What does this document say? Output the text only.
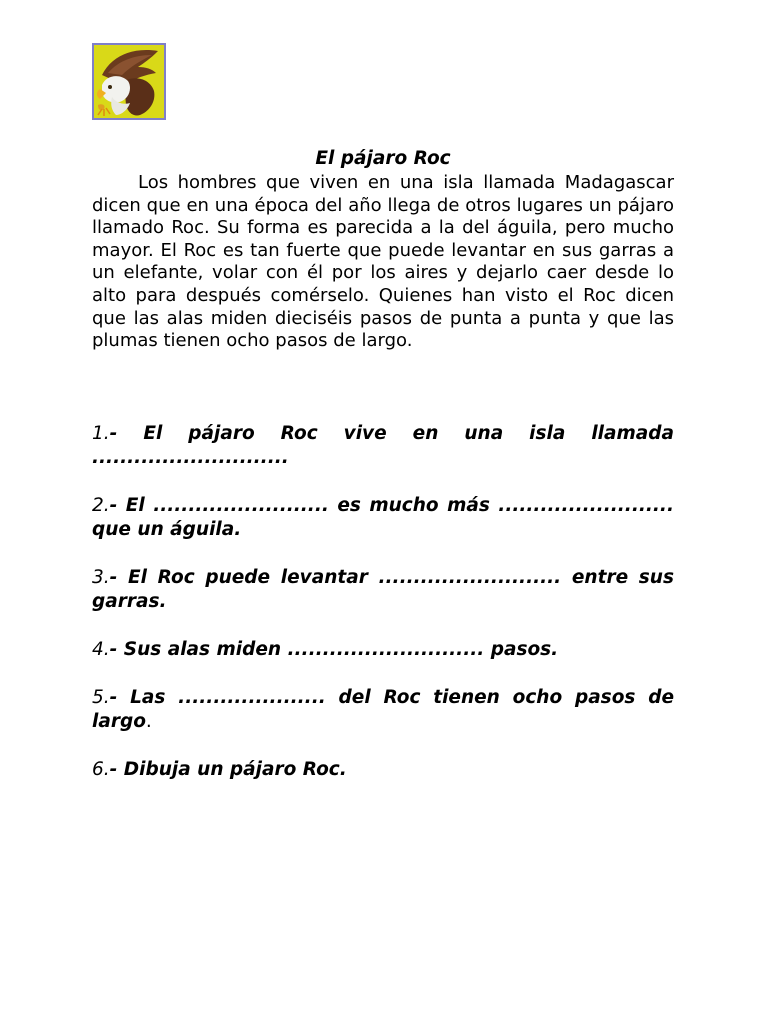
El pájaro Roc

Los hombres que viven en una isla llamada Madagascar dicen que en una época del año llega de otros lugares un pájaro llamado Roc. Su forma es parecida a la del águila, pero mucho mayor. El Roc es tan fuerte que puede levantar en sus garras a un elefante, volar con él por los aires y dejarlo caer desde lo alto para después comérselo. Quienes han visto el Roc dicen que las alas miden dieciséis pasos de punta a punta y que las plumas tienen ocho pasos de largo.

1.- El pájaro Roc vive en una isla llamada ............................
2.- El ......................... es mucho más ......................... que un águila.
3.- El Roc puede levantar .......................... entre sus garras.
4.- Sus alas miden ............................ pasos.
5.- Las ..................... del Roc tienen ocho pasos de largo.
6.- Dibuja un pájaro Roc.
